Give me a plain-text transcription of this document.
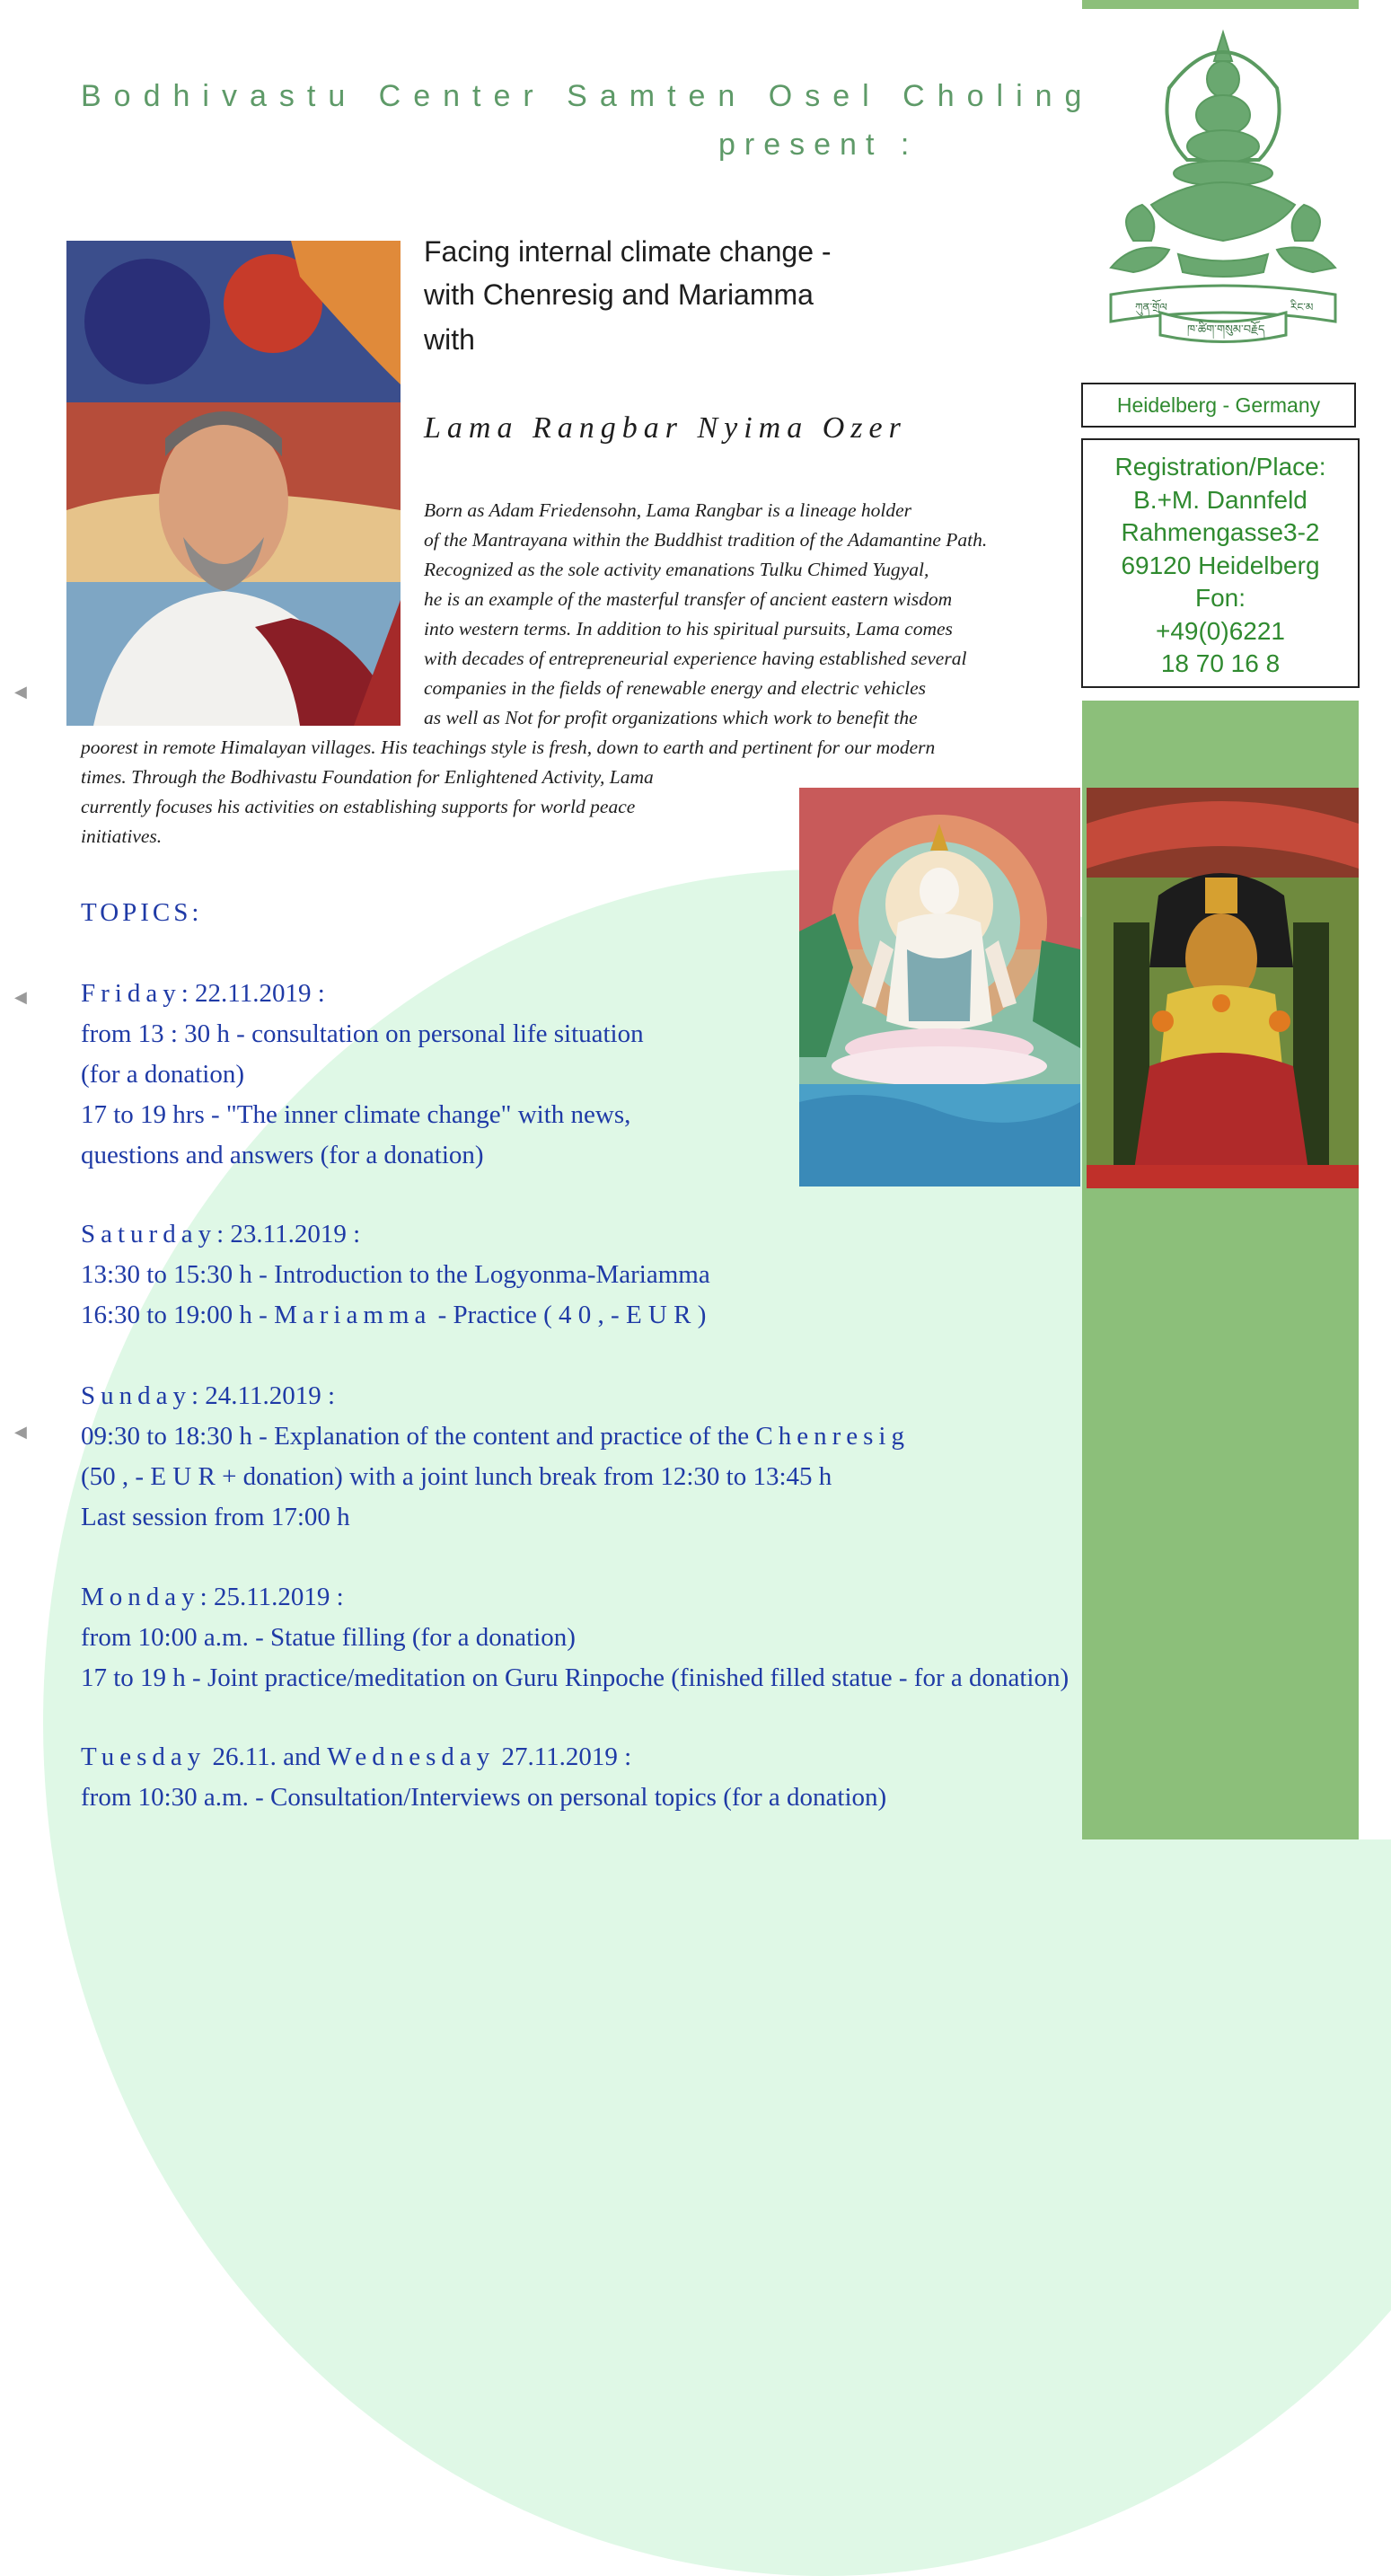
Bodhivastu Center Samten Osel Choling
present :
ཀུན་གྲོལ	རིང་མ
ཁ་ཚིག་གསུམ་བརྗོད
Heidelberg - Germany
Registration/Place:
B.+M. Dannfeld
Rahmengasse3-2
69120 Heidelberg
Fon:
+49(0)6221
18 70 16 8
Facing internal climate change -
with Chenresig and Mariamma
with
Lama Rangbar Nyima Ozer
Born as Adam Friedensohn, Lama Rangbar is a lineage holder
of the Mantrayana within the Buddhist tradition of the Adamantine Path.
Recognized as the sole activity emanations Tulku Chimed Yugyal,
he is an example of the masterful transfer of ancient eastern wisdom
into western terms. In addition to his spiritual pursuits, Lama comes
with decades of entrepreneurial experience having established several
companies in the fields of renewable energy and electric vehicles
as well as Not for profit organizations which work to benefit the
poorest in remote Himalayan villages. His teachings style is fresh, down to earth and pertinent for our modern
times. Through the Bodhivastu Foundation for Enlightened Activity, Lama
currently focuses his activities on establishing supports for world peace
initiatives.
◀
◀
◀
TOPICS:
Friday: 22.11.2019 :
from 13 : 30 h - consultation on personal life situation
(for a donation)
17 to 19 hrs - "The inner climate change" with news,
questions and answers (for a donation)
Saturday: 23.11.2019 :
13:30 to 15:30 h - Introduction to the Logyonma-Mariamma
16:30 to 19:00 h - Mariamma - Practice ( 4 0 , - E U R )
Sunday: 24.11.2019 :
09:30 to 18:30 h - Explanation of the content and practice of the Chenresig
(50 , - E U R + donation) with a joint lunch break from 12:30 to 13:45 h
Last session from 17:00 h
Monday: 25.11.2019 :
from 10:00 a.m. - Statue filling (for a donation)
17 to 19 h - Joint practice/meditation on Guru Rinpoche (finished filled statue - for a donation)
Tuesday 26.11. and Wednesday 27.11.2019 :
from 10:30 a.m. - Consultation/Interviews on personal topics (for a donation)
